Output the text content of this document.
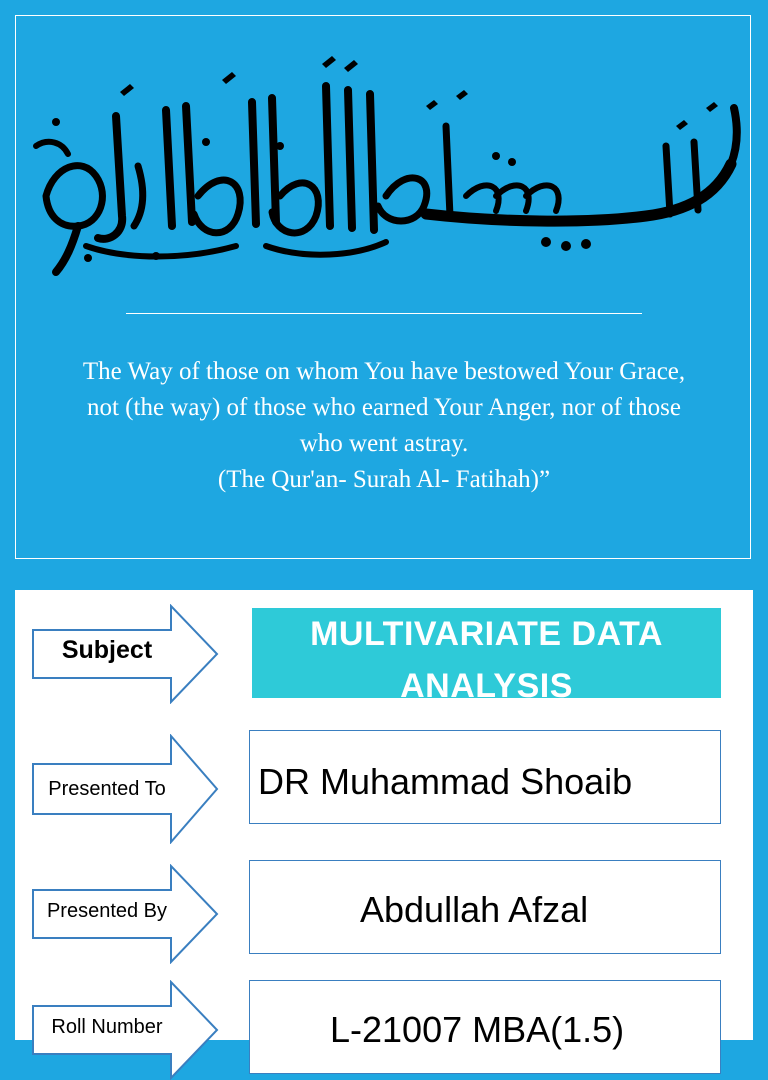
The Way of those on whom You have bestowed Your Grace,
not (the way) of those who earned Your Anger, nor of those
who went astray.
(The Qur'an- Surah Al- Fatihah)”
Subject	MULTIVARIATE DATA ANALYSIS
Presented To	DR Muhammad Shoaib
Presented By	Abdullah Afzal
Roll Number	L-21007 MBA(1.5)
